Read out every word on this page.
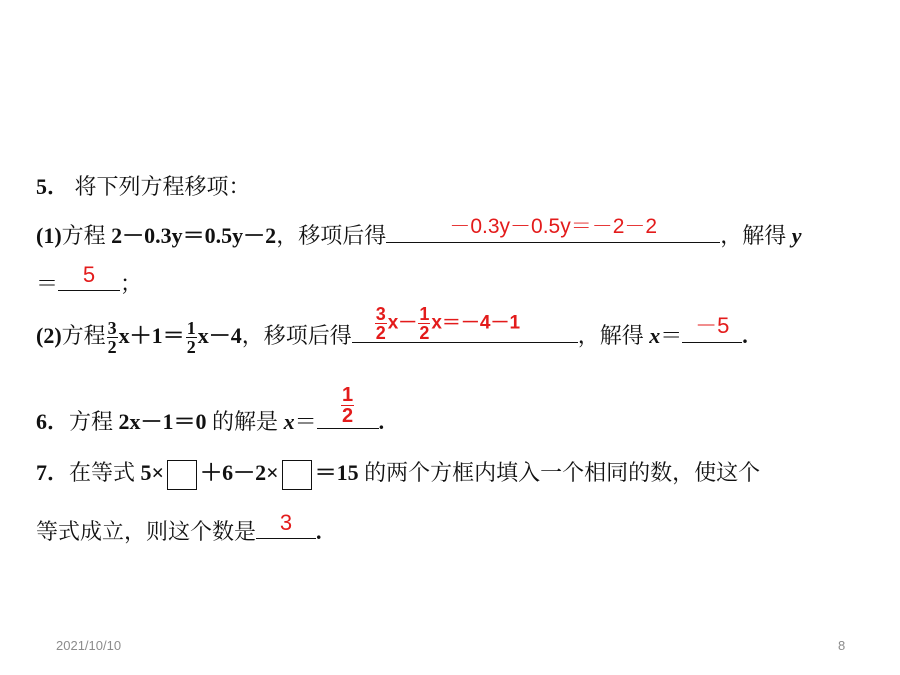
5． 将下列方程移项：
(1)方程 2－0.3y＝0.5y－2，移项后得	－0.3y－0.5y＝－2－2	，解得 y
＝	5	；
(2)方程 $\frac{3}{2} x+1= \frac{1}{2} x-4$，移项后得 $\frac{3}{2} x- \frac{1}{2} x=-4-1$	，解得 x＝ －5 .
6．方程 2x－1＝0 的解是 $x= \frac{1}{2}$ .
7．在等式 5× ＋6－2× ＝15 的两个方框内填入一个相同的数，使这个
等式成立，则这个数是	3	.
2021/10/10	8
